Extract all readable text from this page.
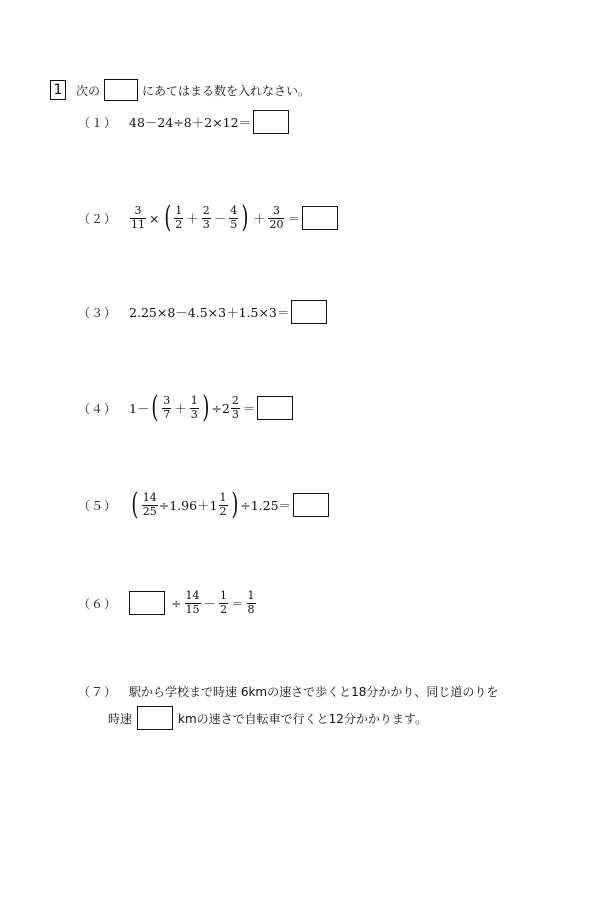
1 次の	にあてはまる数を入れなさい。
（１） 48－24÷8＋2×12＝
$(2) \frac{3}{11}$ × ( $\frac{1}{2} + \frac{2}{3} - \frac{4}{5}$ ) ＋ $\frac{3}{20}$ ＝
（３） 2.25×8－4.5×3＋1.5×3＝
（４） 1－ ( $\frac{3}{7} + \frac{1}{3}$ ) $\div 2 \frac{2}{3}$ ＝
（５） ( $\frac{14}{25} \div 1.96+1 \frac{1}{2}$ ) ÷1.25＝
（６）	÷ $\frac{14}{15} - \frac{1}{2} = \frac{1}{8}$
（７） 駅から学校まで時速 6kmの速さで歩くと18分かかり、同じ道のりを
時速	kmの速さで自転車で行くと12分かかります。
